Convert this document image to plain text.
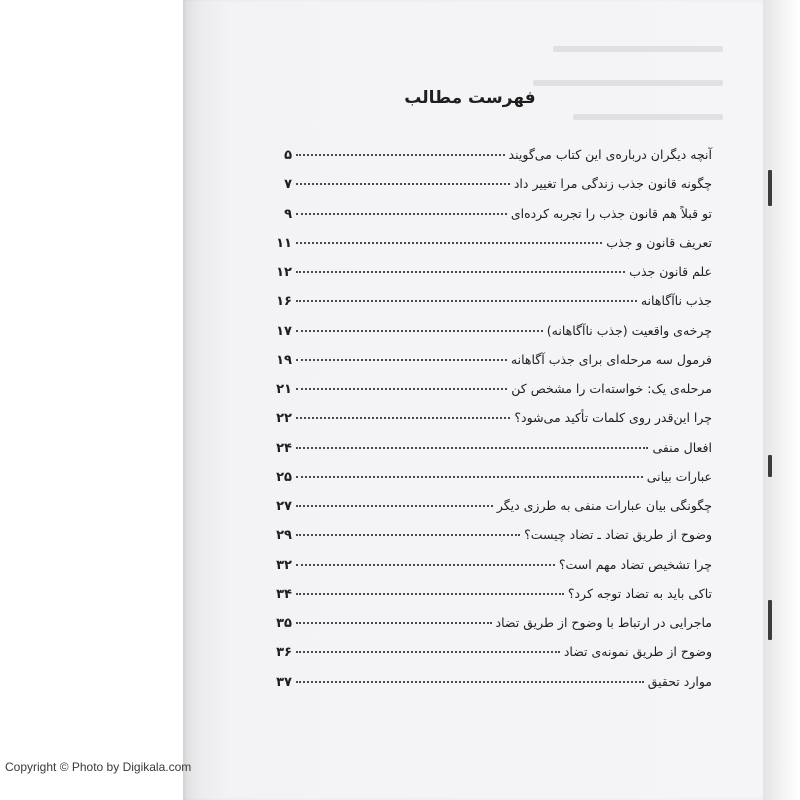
فهرست مطالب
آنچه دیگران درباره‌ی این کتاب می‌گویند
۵
چگونه قانون جذب زندگی مرا تغییر داد
۷
تو قبلاً هم قانون جذب را تجربه کرده‌ای
۹
تعریف قانون و جذب
۱۱
علم قانون جذب
۱۲
جذب ناآگاهانه
۱۶
چرخه‌ی واقعیت (جذب ناآگاهانه)
۱۷
فرمول سه مرحله‌ای برای جذب آگاهانه
۱۹
مرحله‌ی یک: خواسته‌ات را مشخص کن
۲۱
چرا این‌قدر روی کلمات تأکید می‌شود؟
۲۲
افعال منفی
۲۴
عبارات بیانی
۲۵
چگونگی بیان عبارات منفی به طرزی دیگر
۲۷
وضوح از طریق تضاد ـ تضاد چیست؟
۲۹
چرا تشخیص تضاد مهم است؟
۳۲
تاکی باید به تضاد توجه کرد؟
۳۴
ماجرایی در ارتباط با وضوح از طریق تضاد
۳۵
وضوح از طریق نمونه‌ی تضاد
۳۶
موارد تحقیق
۳۷
Copyright © Photo by Digikala.com
